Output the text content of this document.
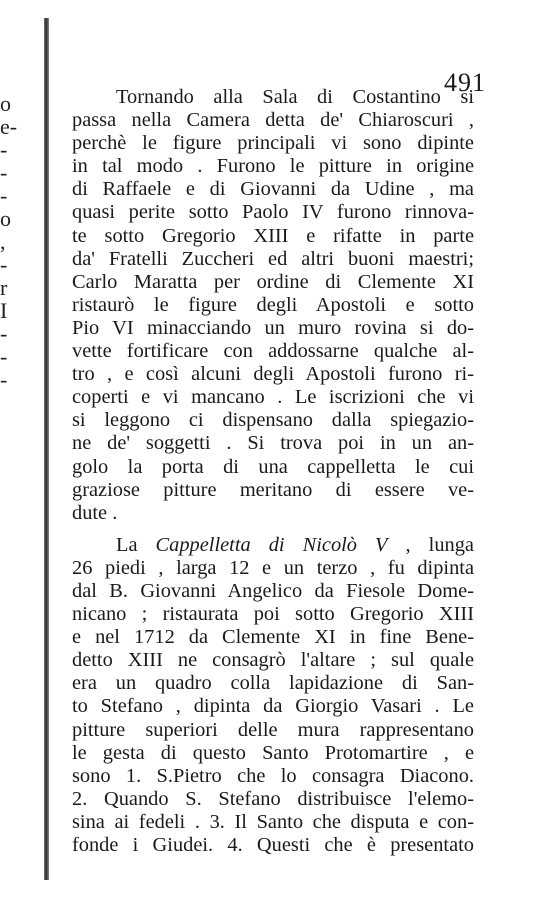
o
e-
-
-
-
o
,
-
r
I
-
-
-
491
Tornando alla Sala di Costantino si
passa nella Camera detta de' Chiaroscuri ,
perchè le figure principali vi sono dipinte
in tal modo . Furono le pitture in origine
di Raffaele e di Giovanni da Udine , ma
quasi perite sotto Paolo IV furono rinnova-
te sotto Gregorio XIII e rifatte in parte
da' Fratelli Zuccheri ed altri buoni maestri;
Carlo Maratta per ordine di Clemente XI
ristaurò le figure degli Apostoli e sotto
Pio VI minacciando un muro rovina si do-
vette fortificare con addossarne qualche al-
tro , e così alcuni degli Apostoli furono ri-
coperti e vi mancano . Le iscrizioni che vi
si leggono ci dispensano dalla spiegazio-
ne de' soggetti . Si trova poi in un an-
golo la porta di una cappelletta le cui
graziose pitture meritano di essere ve-
dute .
La Cappelletta di Nicolò V , lunga
26 piedi , larga 12 e un terzo , fu dipinta
dal B. Giovanni Angelico da Fiesole Dome-
nicano ; ristaurata poi sotto Gregorio XIII
e nel 1712 da Clemente XI in fine Bene-
detto XIII ne consagrò l'altare ; sul quale
era un quadro colla lapidazione di San-
to Stefano , dipinta da Giorgio Vasari . Le
pitture superiori delle mura rappresentano
le gesta di questo Santo Protomartire , e
sono 1. S.Pietro che lo consagra Diacono.
2. Quando S. Stefano distribuisce l'elemo-
sina ai fedeli . 3. Il Santo che disputa e con-
fonde i Giudei. 4. Questi che è presentato
